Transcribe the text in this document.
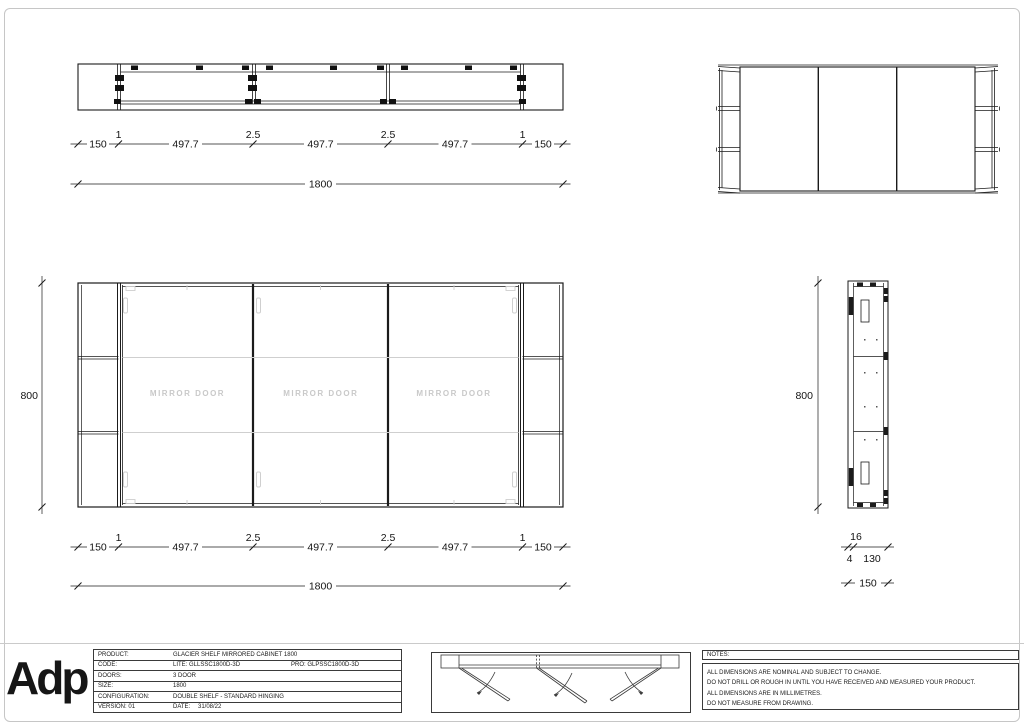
1	2.5	2.5	1
150	497.7	497.7	497.7	150
1800
MIRROR DOOR	MIRROR DOOR	MIRROR DOOR
800
1	2.5	2.5	1
150	497.7	497.7	497.7	150
1800
800
16
4 130
150
Adp	PRODUCT:	GLACIER SHELF MIRRORED CABINET 1800
CODE:	LITE: GLLSSC1800D-3D	PRO: GLPSSC1800D-3D
DOORS:	3 DOOR
SIZE:	1800
CONFIGURATION:	DOUBLE SHELF - STANDARD HINGING
VERSION: 01	DATE:	31/08/22
NOTES:
ALL DIMENSIONS ARE NOMINAL AND SUBJECT TO CHANGE.
DO NOT DRILL OR ROUGH IN UNTIL YOU HAVE RECEIVED AND MEASURED YOUR PRODUCT.
ALL DIMENSIONS ARE IN MILLIMETRES.
DO NOT MEASURE FROM DRAWING.
